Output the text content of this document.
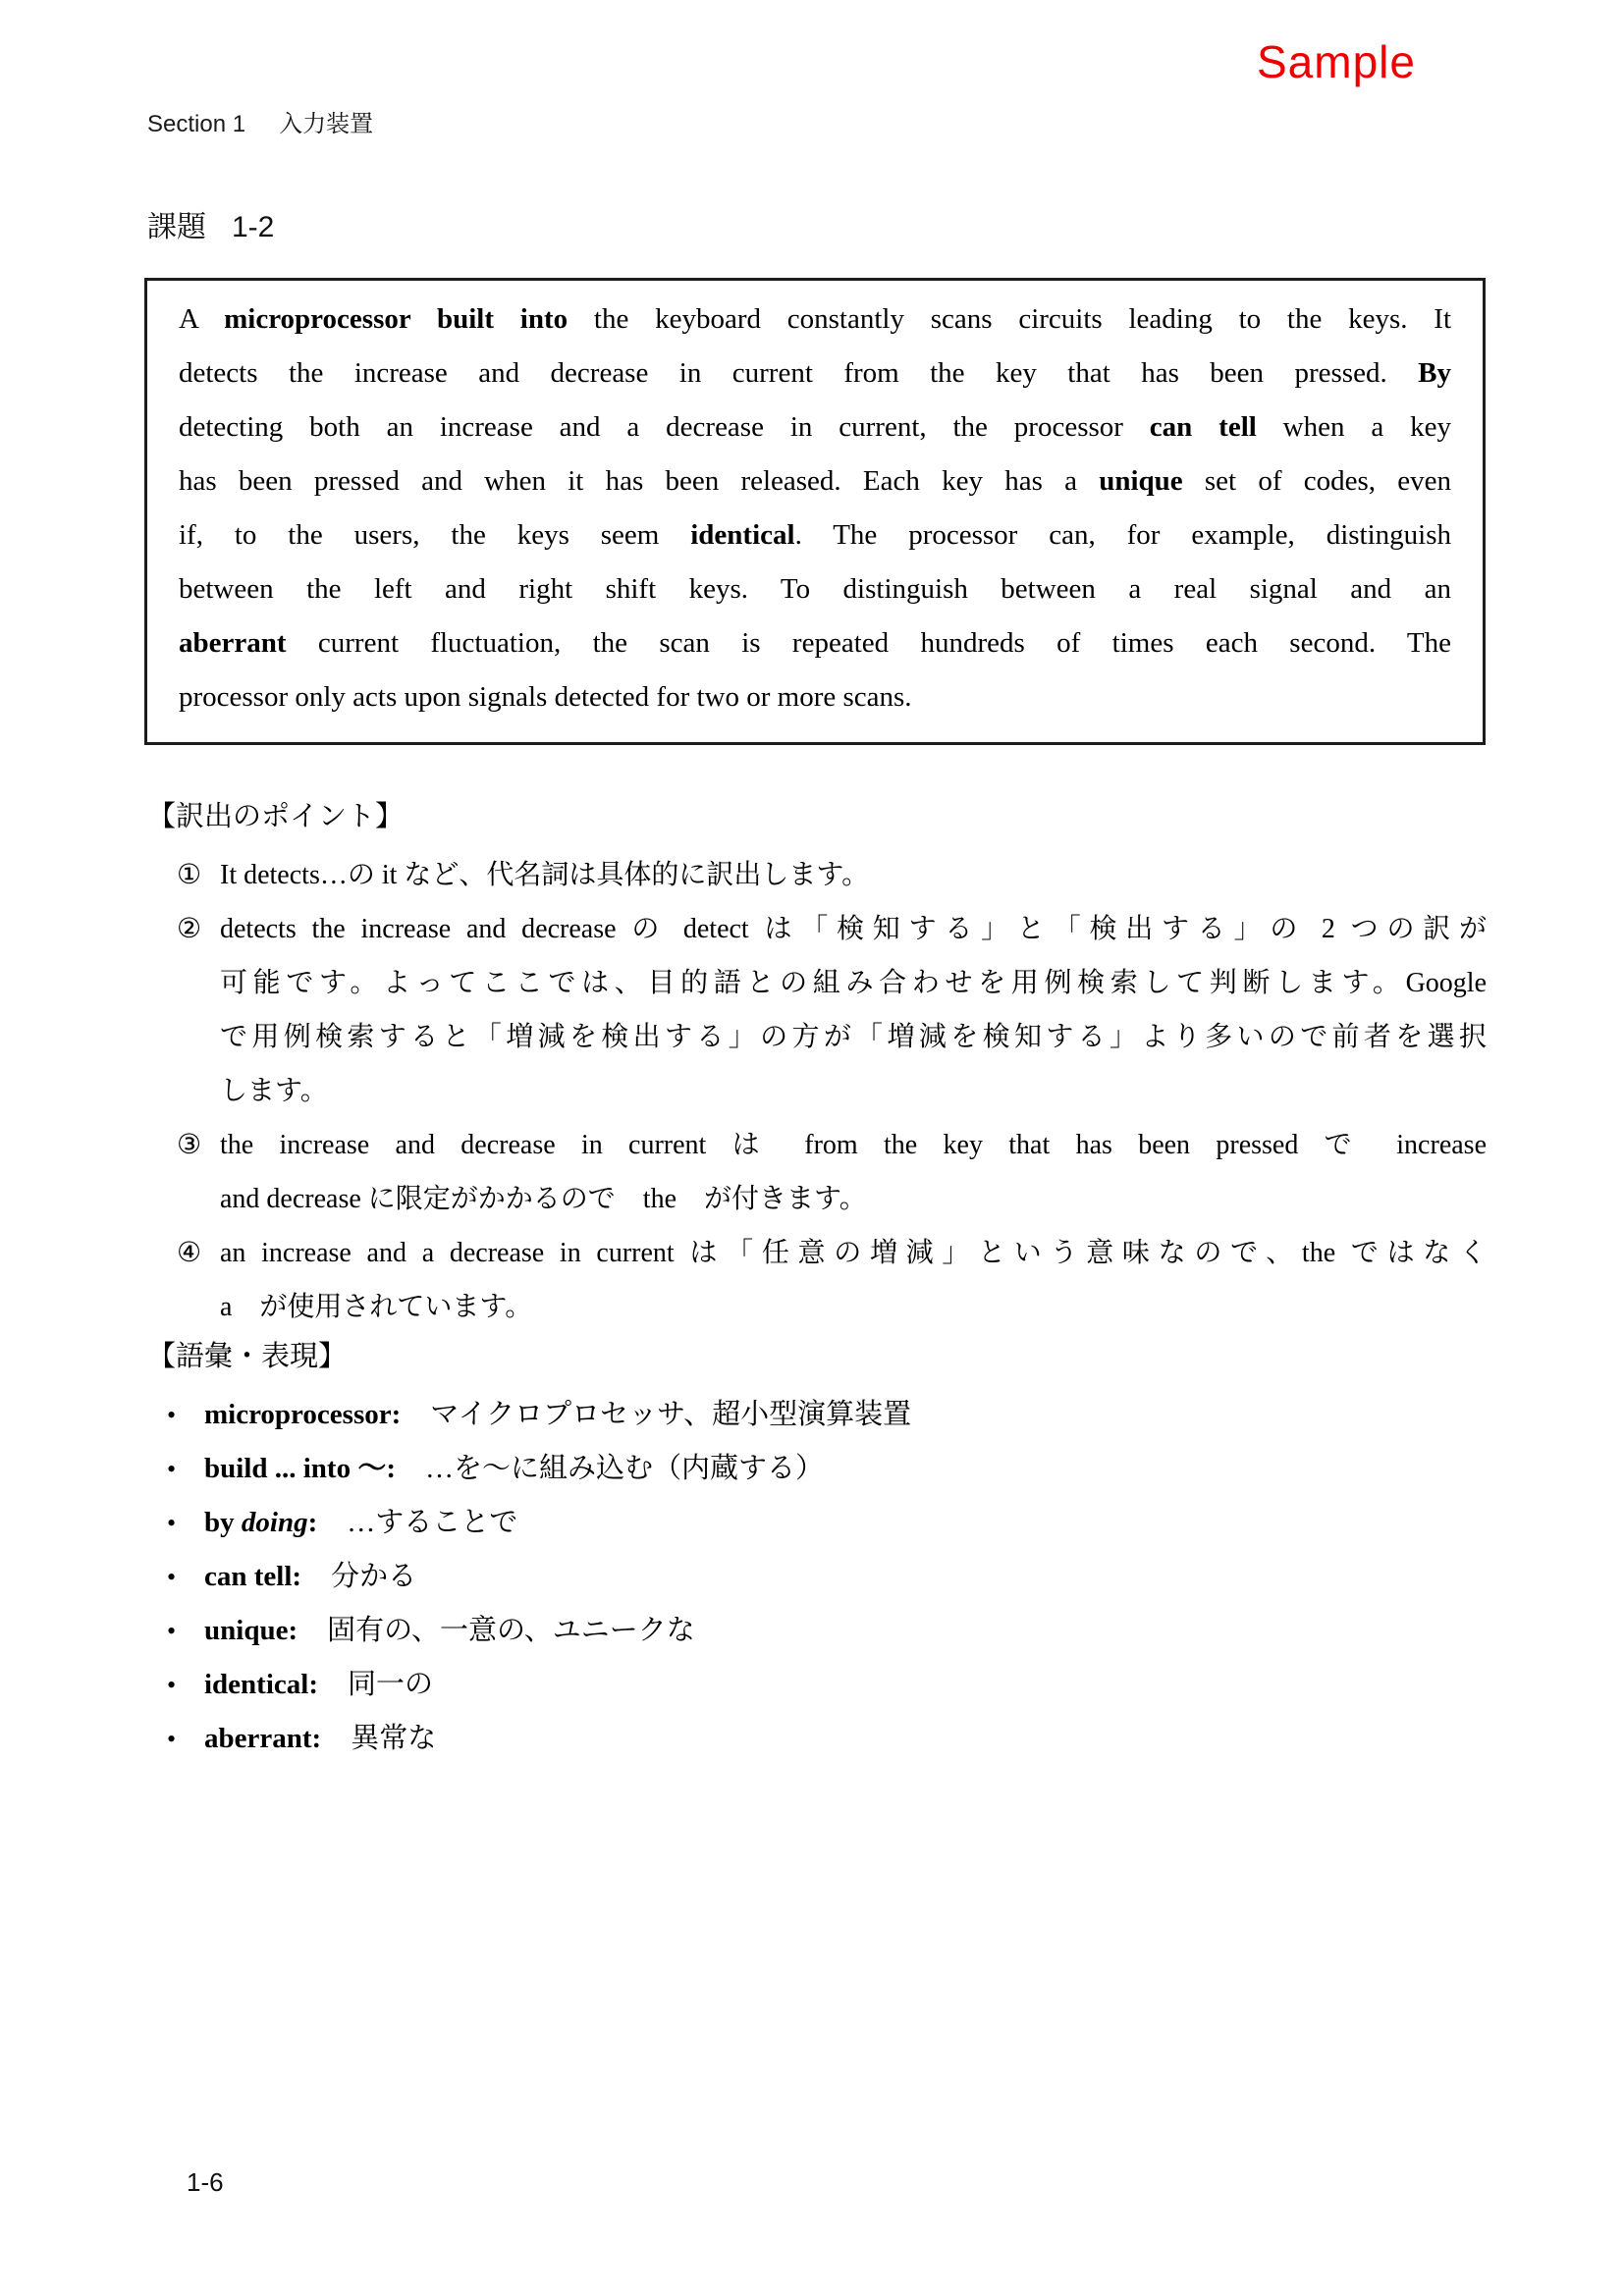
Sample
Section 1 入力装置
課題 1-2
A microprocessor built into the keyboard constantly scans circuits leading to the keys. It
detects the increase and decrease in current from the key that has been pressed. By
detecting both an increase and a decrease in current, the processor can tell when a key
has been pressed and when it has been released. Each key has a unique set of codes, even
if, to the users, the keys seem identical. The processor can, for example, distinguish
between the left and right shift keys. To distinguish between a real signal and an
aberrant current fluctuation, the scan is repeated hundreds of times each second. The
processor only acts upon signals detected for two or more scans.
【訳出のポイント】
① It detects…の it など、代名詞は具体的に訳出します。
② detects the increase and decrease の detect は「検知する」と「検出する」の 2 つの訳が
可能です。よってここでは、目的語との組み合わせを用例検索して判断します。Google
で用例検索すると「増減を検出する」の方が「増減を検知する」より多いので前者を選択
します。
③ the increase and decrease in current は from the key that has been pressed で increase
and decrease に限定がかかるので　the　が付きます。
④ an increase and a decrease in current は「任意の増減」という意味なので、the ではなく
a　が使用されています。
【語彙・表現】
• microprocessor: マイクロプロセッサ、超小型演算装置
• build ... into ～: …を～に組み込む（内蔵する）
• by doing: …することで
• can tell: 分かる
• unique: 固有の、一意の、ユニークな
• identical: 同一の
• aberrant: 異常な
1-6
